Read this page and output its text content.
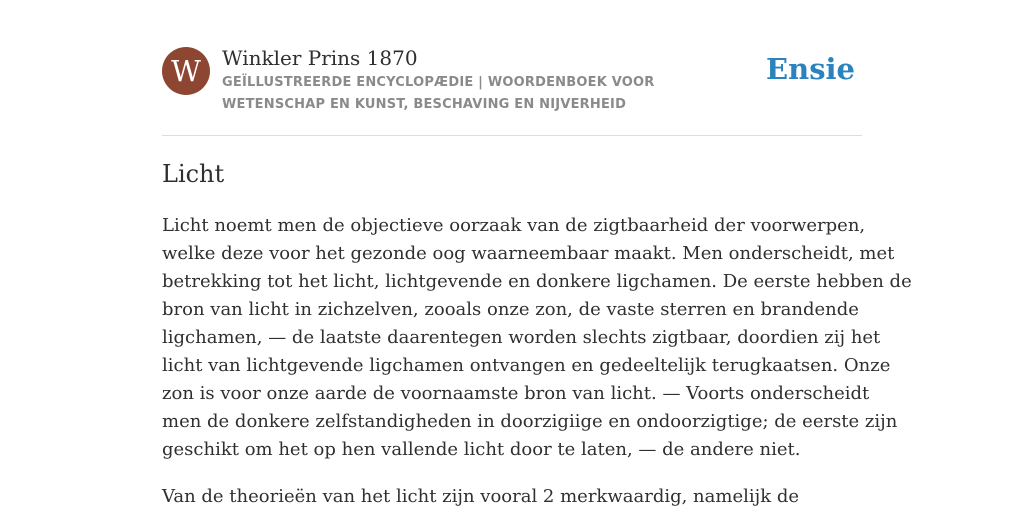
W	Winkler Prins 1870
GEÏLLUSTREERDE ENCYCLOPÆDIE | WOORDENBOEK VOOR WETENSCHAP EN KUNST, BESCHAVING EN NIJVERHEID
Ensie
Licht
Licht noemt men de objectieve oorzaak van de zigtbaarheid der voorwerpen,
welke deze voor het gezonde oog waarneembaar maakt. Men onderscheidt, met
betrekking tot het licht, lichtgevende en donkere ligchamen. De eerste hebben de
bron van licht in zichzelven, zooals onze zon, de vaste sterren en brandende
ligchamen, — de laatste daarentegen worden slechts zigtbaar, doordien zij het
licht van lichtgevende ligchamen ontvangen en gedeeltelijk terugkaatsen. Onze
zon is voor onze aarde de voornaamste bron van licht. — Voorts onderscheidt
men de donkere zelfstandigheden in doorzigiige en ondoorzigtige; de eerste zijn
geschikt om het op hen vallende licht door te laten, — de andere niet.
Van de theorieën van het licht zijn vooral 2 merkwaardig, namelijk de
